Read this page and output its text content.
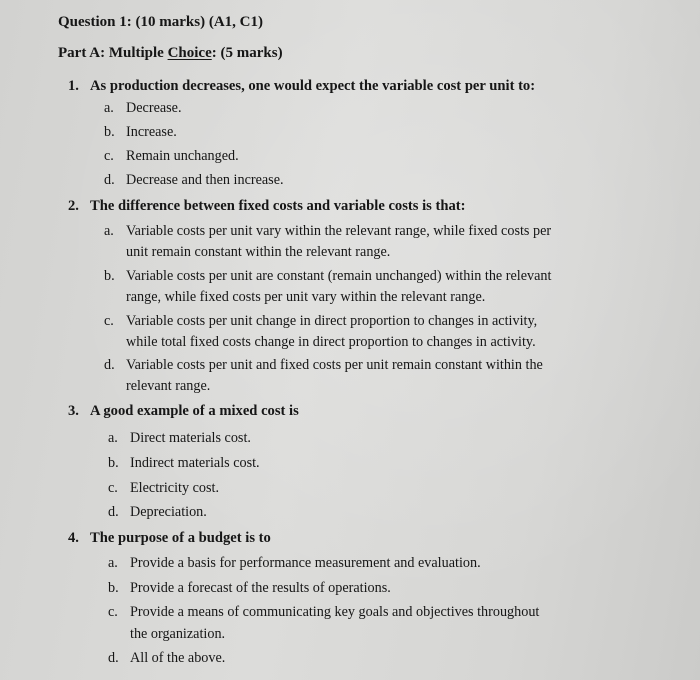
Question 1: (10 marks) (A1, C1)
Part A: Multiple Choice: (5 marks)
1. As production decreases, one would expect the variable cost per unit to:
a. Decrease.
b. Increase.
c. Remain unchanged.
d. Decrease and then increase.
2. The difference between fixed costs and variable costs is that:
a. Variable costs per unit vary within the relevant range, while fixed costs per
unit remain constant within the relevant range.
b. Variable costs per unit are constant (remain unchanged) within the relevant
range, while fixed costs per unit vary within the relevant range.
c. Variable costs per unit change in direct proportion to changes in activity,
while total fixed costs change in direct proportion to changes in activity.
d. Variable costs per unit and fixed costs per unit remain constant within the
relevant range.
3. A good example of a mixed cost is
a. Direct materials cost.
b. Indirect materials cost.
c. Electricity cost.
d. Depreciation.
4. The purpose of a budget is to
a. Provide a basis for performance measurement and evaluation.
b. Provide a forecast of the results of operations.
c. Provide a means of communicating key goals and objectives throughout
the organization.
d. All of the above.
